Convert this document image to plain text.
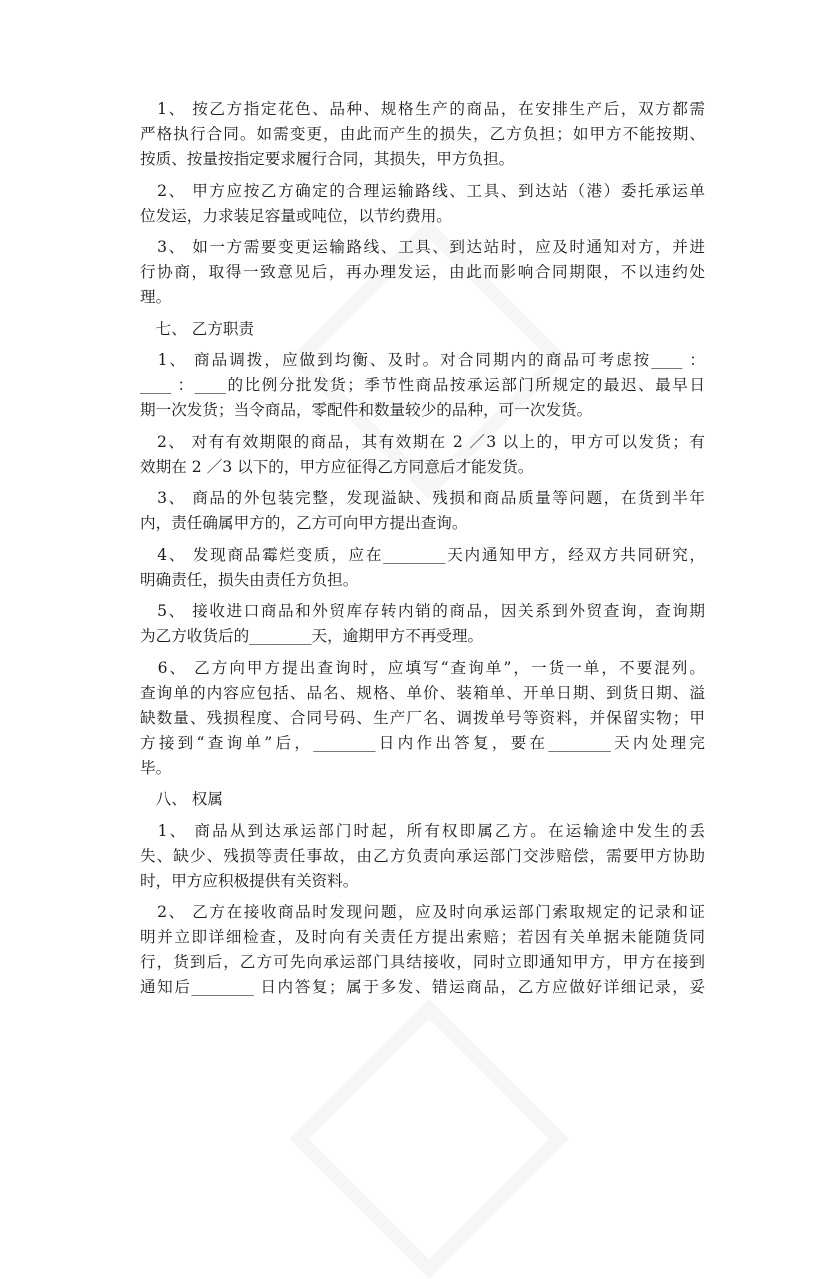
　1、 按乙方指定花色、品种、规格生产的商品，在安排生产后，双方都需
严格执行合同。如需变更，由此而产生的损失，乙方负担；如甲方不能按期、
按质、按量按指定要求履行合同，其损失，甲方负担。
　2、 甲方应按乙方确定的合理运输路线、工具、到达站（港）委托承运单
位发运，力求装足容量或吨位，以节约费用。
　3、 如一方需要变更运输路线、工具、到达站时，应及时通知对方，并进
行协商，取得一致意见后，再办理发运，由此而影响合同期限，不以违约处
理。
　七、 乙方职责
　1、 商品调拨，应做到均衡、及时。对合同期内的商品可考虑按____ ：
____ ：____的比例分批发货；季节性商品按承运部门所规定的最迟、最早日
期一次发货；当令商品，零配件和数量较少的品种，可一次发货。
　2、 对有有效期限的商品，其有效期在 2 ／3 以上的，甲方可以发货；有
效期在 2 ／3 以下的，甲方应征得乙方同意后才能发货。
　3、 商品的外包装完整，发现溢缺、残损和商品质量等问题，在货到半年
内，责任确属甲方的，乙方可向甲方提出查询。
　4、 发现商品霉烂变质，应在________天内通知甲方，经双方共同研究，
明确责任，损失由责任方负担。
　5、 接收进口商品和外贸库存转内销的商品，因关系到外贸查询，查询期
为乙方收货后的________天，逾期甲方不再受理。
　6、 乙方向甲方提出查询时，应填写“查询单”，一货一单，不要混列。
查询单的内容应包括、品名、规格、单价、装箱单、开单日期、到货日期、溢
缺数量、残损程度、合同号码、生产厂名、调拨单号等资料，并保留实物；甲
方接到“查询单”后，________日内作出答复，要在________天内处理完
毕。
　八、 权属
　1、 商品从到达承运部门时起，所有权即属乙方。在运输途中发生的丢
失、缺少、残损等责任事故，由乙方负责向承运部门交涉赔偿，需要甲方协助
时，甲方应积极提供有关资料。
　2、 乙方在接收商品时发现问题，应及时向承运部门索取规定的记录和证
明并立即详细检查，及时向有关责任方提出索赔；若因有关单据未能随货同
行，货到后，乙方可先向承运部门具结接收，同时立即通知甲方，甲方在接到
通知后________ 日内答复；属于多发、错运商品，乙方应做好详细记录，妥
